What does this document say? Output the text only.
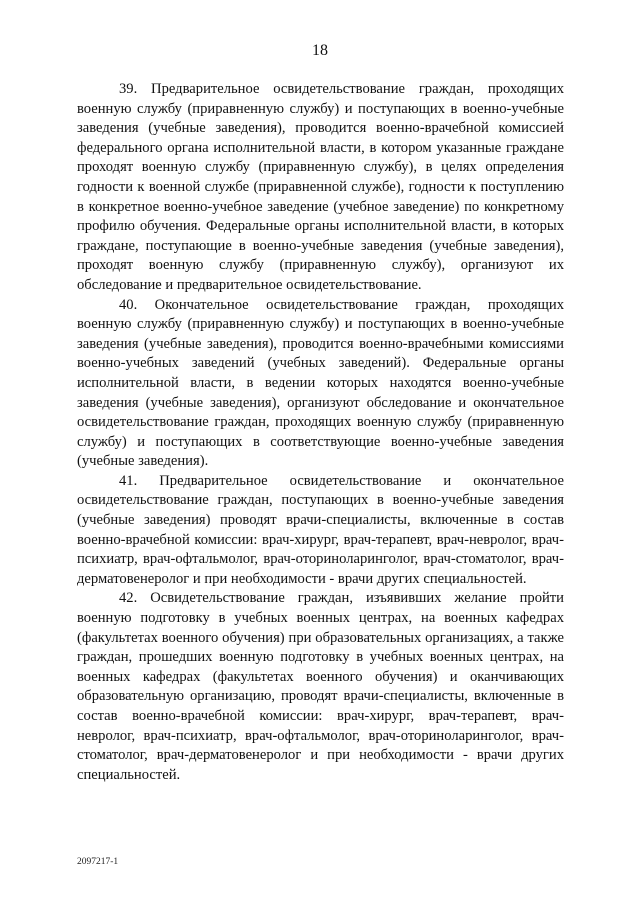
18

39. Предварительное освидетельствование граждан, проходящих военную службу (приравненную службу) и поступающих в военно-учебные заведения (учебные заведения), проводится военно-врачебной комиссией федерального органа исполнительной власти, в котором указанные граждане проходят военную службу (приравненную службу), в целях определения годности к военной службе (приравненной службе), годности к поступлению в конкретное военно-учебное заведение (учебное заведение) по конкретному профилю обучения. Федеральные органы исполнительной власти, в которых граждане, поступающие в военно-учебные заведения (учебные заведения), проходят военную службу (приравненную службу), организуют их обследование и предварительное освидетельствование.

40. Окончательное освидетельствование граждан, проходящих военную службу (приравненную службу) и поступающих в военно-учебные заведения (учебные заведения), проводится военно-врачебными комиссиями военно-учебных заведений (учебных заведений). Федеральные органы исполнительной власти, в ведении которых находятся военно-учебные заведения (учебные заведения), организуют обследование и окончательное освидетельствование граждан, проходящих военную службу (приравненную службу) и поступающих в соответствующие военно-учебные заведения (учебные заведения).

41. Предварительное освидетельствование и окончательное освидетельствование граждан, поступающих в военно-учебные заведения (учебные заведения) проводят врачи-специалисты, включенные в состав военно-врачебной комиссии: врач-хирург, врач-терапевт, врач-невролог, врач-психиатр, врач-офтальмолог, врач-оториноларинголог, врач-стоматолог, врач-дерматовенеролог и при необходимости - врачи других специальностей.

42. Освидетельствование граждан, изъявивших желание пройти военную подготовку в учебных военных центрах, на военных кафедрах (факультетах военного обучения) при образовательных организациях, а также граждан, прошедших военную подготовку в учебных военных центрах, на военных кафедрах (факультетах военного обучения) и оканчивающих образовательную организацию, проводят врачи-специалисты, включенные в состав военно-врачебной комиссии: врач-хирург, врач-терапевт, врач-невролог, врач-психиатр, врач-офтальмолог, врач-оториноларинголог, врач-стоматолог, врач-дерматовенеролог и при необходимости - врачи других специальностей.

2097217-1
